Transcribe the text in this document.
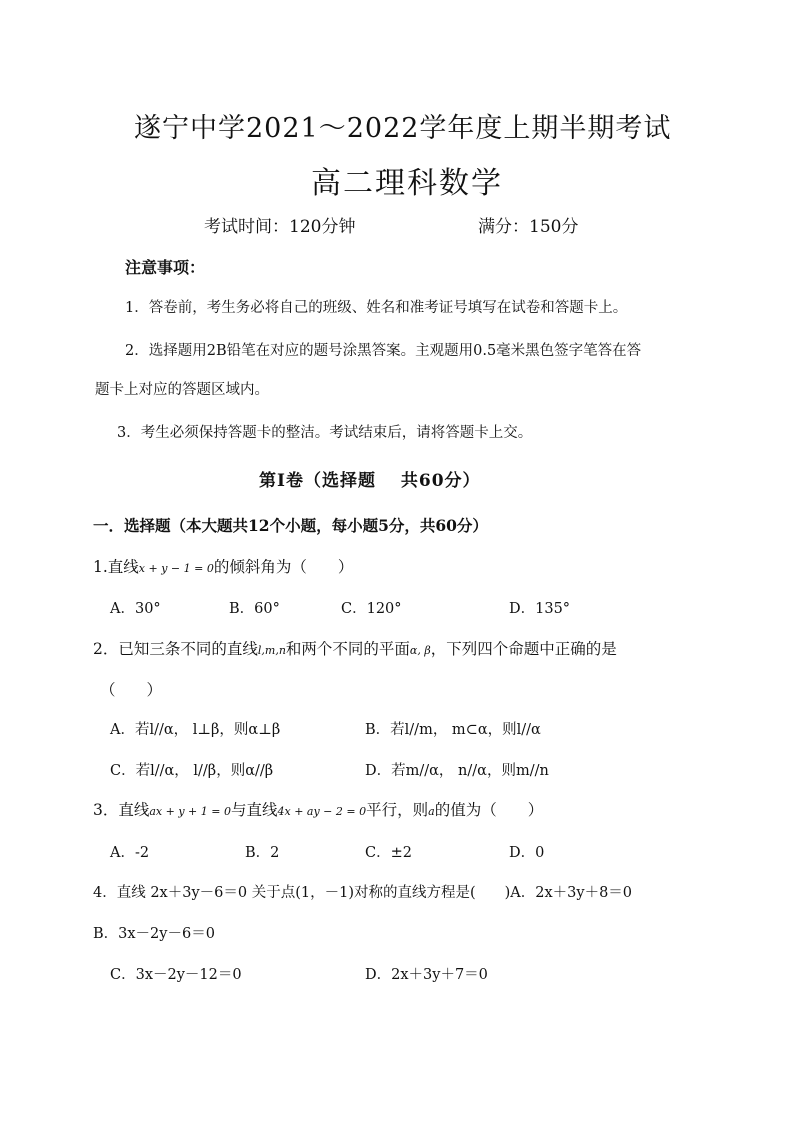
遂宁中学2021～2022学年度上期半期考试
高二理科数学
考试时间：120分钟	满分：150分
注意事项：
1．答卷前，考生务必将自己的班级、姓名和准考证号填写在试卷和答题卡上。
2．选择题用2B铅笔在对应的题号涂黑答案。主观题用0.5毫米黑色签字笔答在答
题卡上对应的答题区域内。
3．考生必须保持答题卡的整洁。考试结束后，请将答题卡上交。
第Ⅰ卷（选择题　 共60分）
一．选择题（本大题共12个小题，每小题5分，共60分）
1.直线x + y − 1 = 0的倾斜角为（　　）
A．30°	B．60°	C．120°	D．135°
2．已知三条不同的直线l,m,n和两个不同的平面α, β，下列四个命题中正确的是
（　　）
A．若l//α， l⊥β，则α⊥β	B．若l//m， m⊂α，则l//α
C．若l//α， l//β，则α//β	D．若m//α， n//α，则m//n
3．直线ax + y + 1 = 0与直线4x + ay − 2 = 0平行，则a的值为（　　）
A．-2	B．2	C．±2	D．0
4．直线 2x＋3y－6＝0 关于点(1，－1)对称的直线方程是(　　)A．2x＋3y＋8＝0
B．3x－2y－6＝0
C．3x－2y－12＝0	D．2x＋3y＋7＝0
